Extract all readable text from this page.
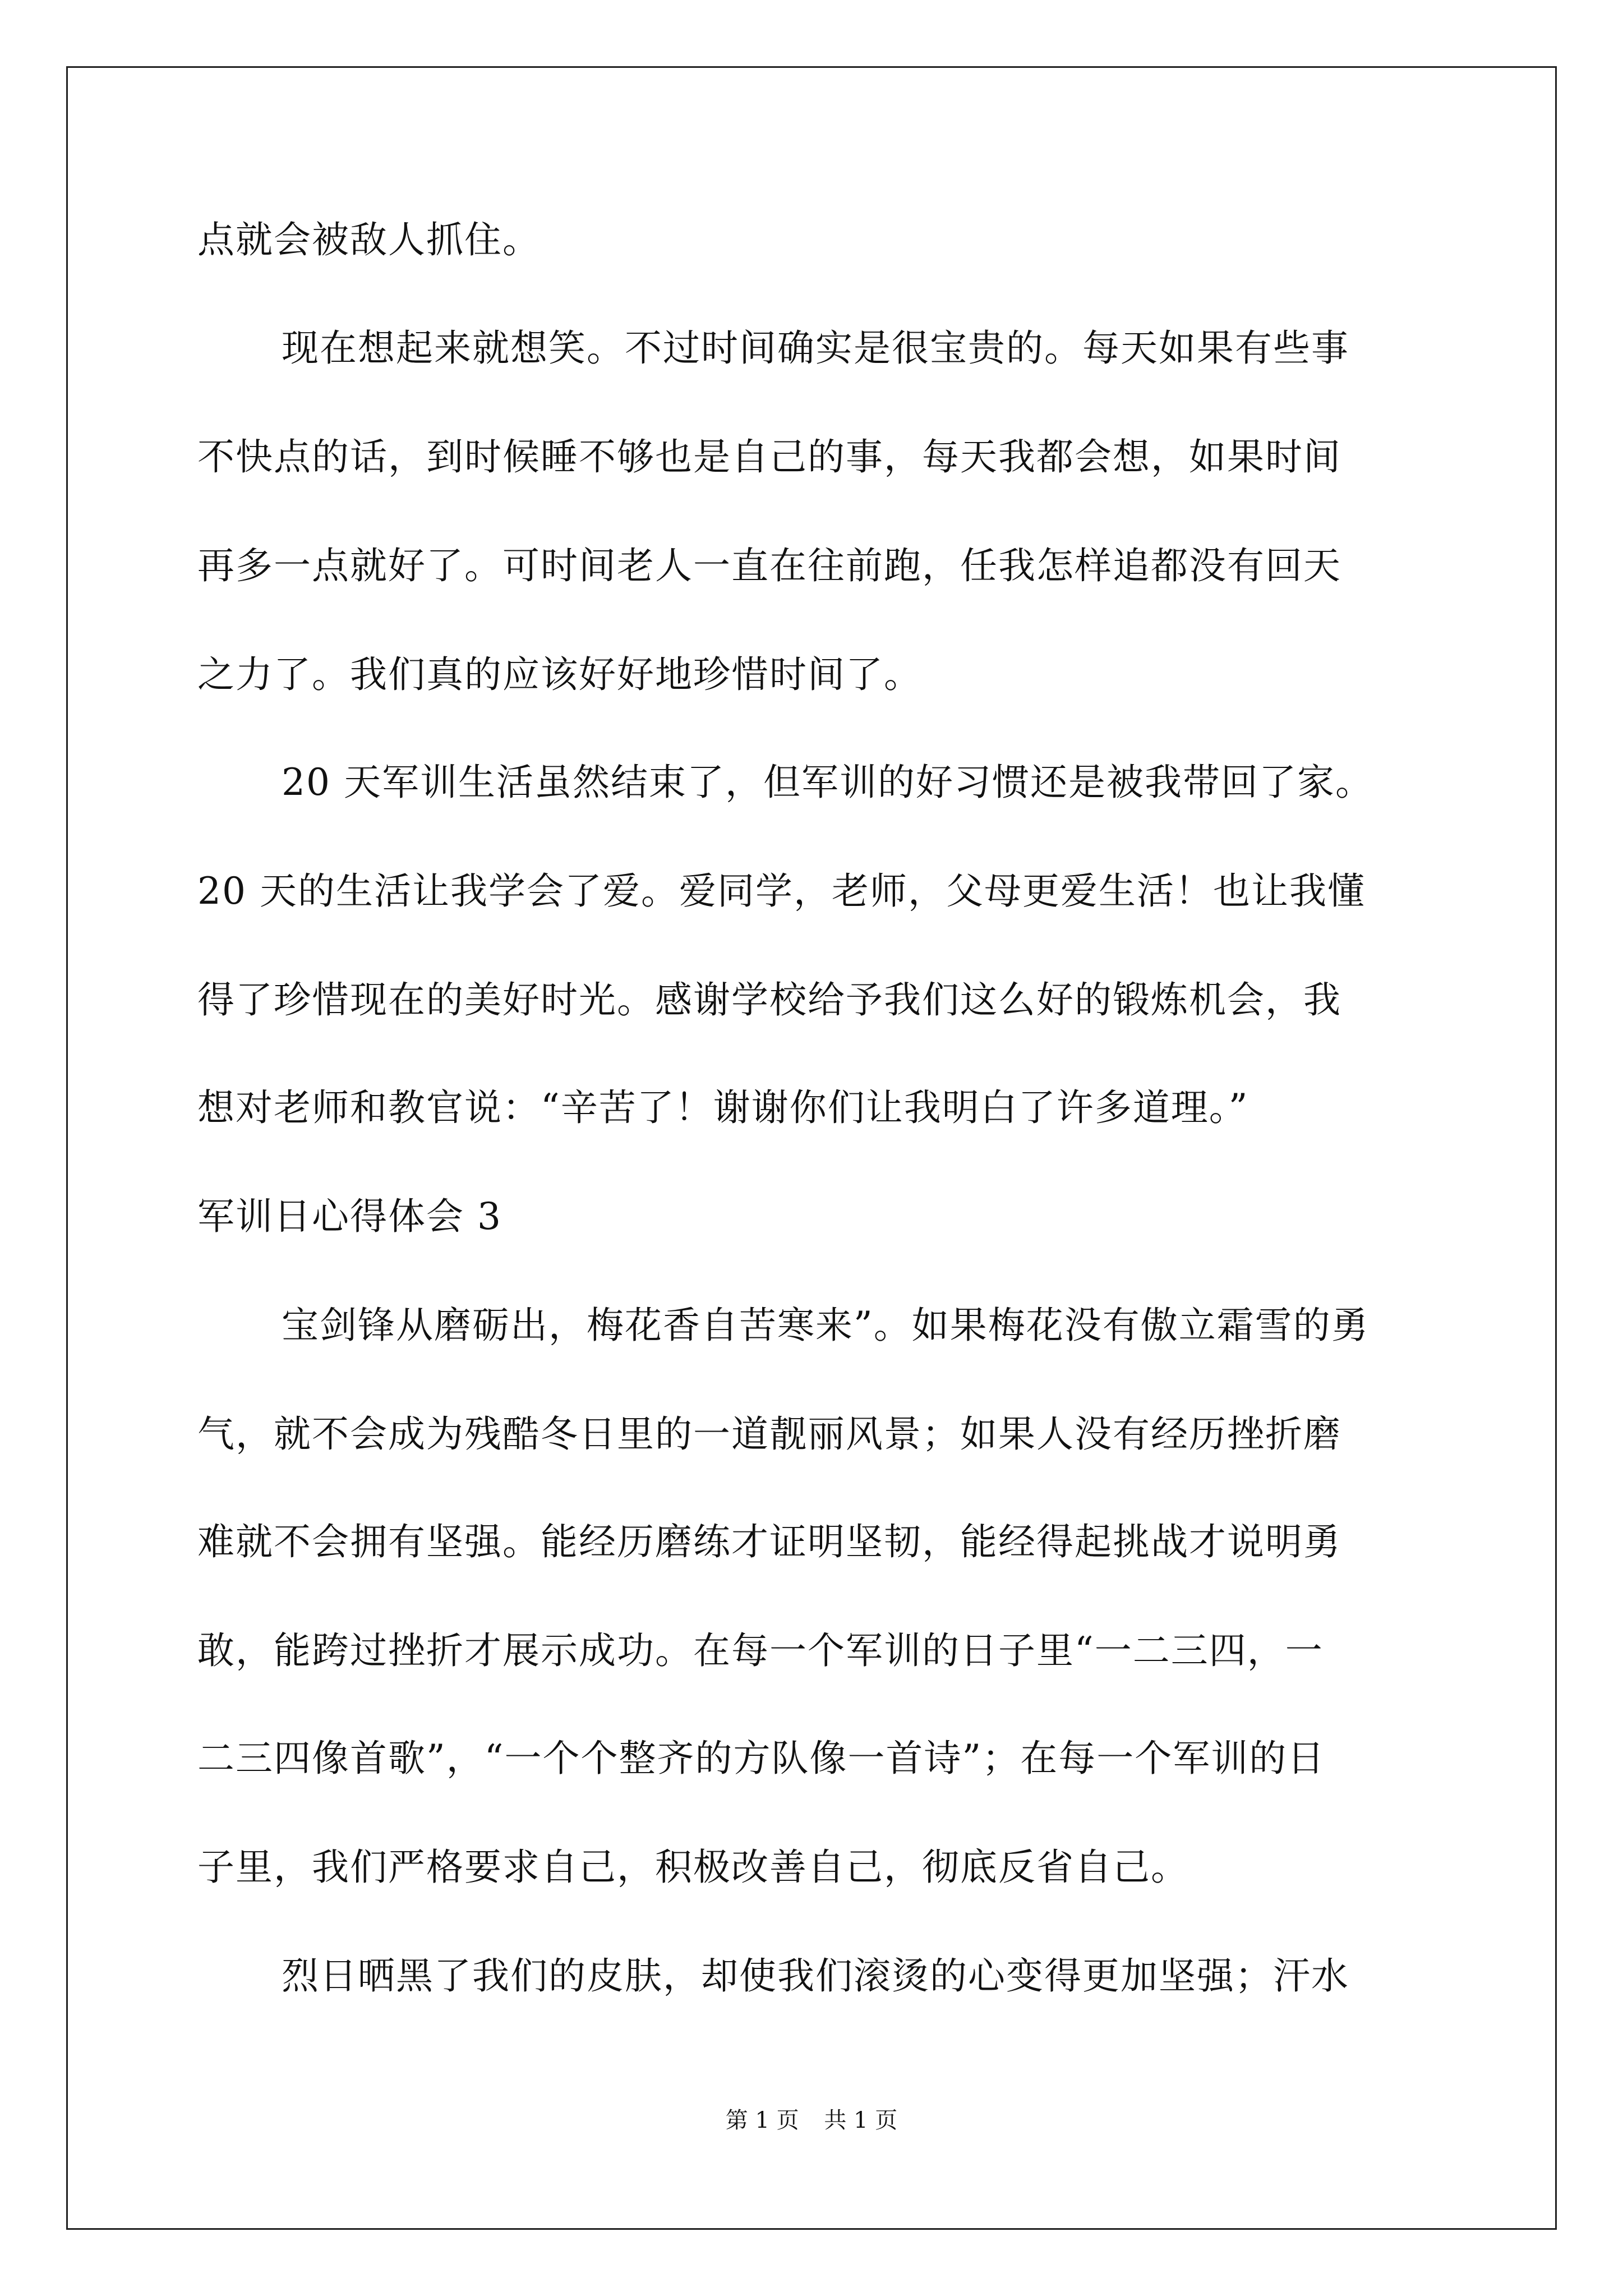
点就会被敌人抓住。
现在想起来就想笑。不过时间确实是很宝贵的。每天如果有些事
不快点的话，到时候睡不够也是自己的事，每天我都会想，如果时间
再多一点就好了。可时间老人一直在往前跑，任我怎样追都没有回天
之力了。我们真的应该好好地珍惜时间了。
20 天军训生活虽然结束了，但军训的好习惯还是被我带回了家。
20 天的生活让我学会了爱。爱同学，老师，父母更爱生活！也让我懂
得了珍惜现在的美好时光。感谢学校给予我们这么好的锻炼机会，我
想对老师和教官说：“辛苦了！谢谢你们让我明白了许多道理。”
军训日心得体会 3
宝剑锋从磨砺出，梅花香自苦寒来”。如果梅花没有傲立霜雪的勇
气，就不会成为残酷冬日里的一道靓丽风景；如果人没有经历挫折磨
难就不会拥有坚强。能经历磨练才证明坚韧，能经得起挑战才说明勇
敢，能跨过挫折才展示成功。在每一个军训的日子里“一二三四，一
二三四像首歌”，“一个个整齐的方队像一首诗”；在每一个军训的日
子里，我们严格要求自己，积极改善自己，彻底反省自己。
烈日晒黑了我们的皮肤，却使我们滚烫的心变得更加坚强；汗水
第 1 页 共 1 页
